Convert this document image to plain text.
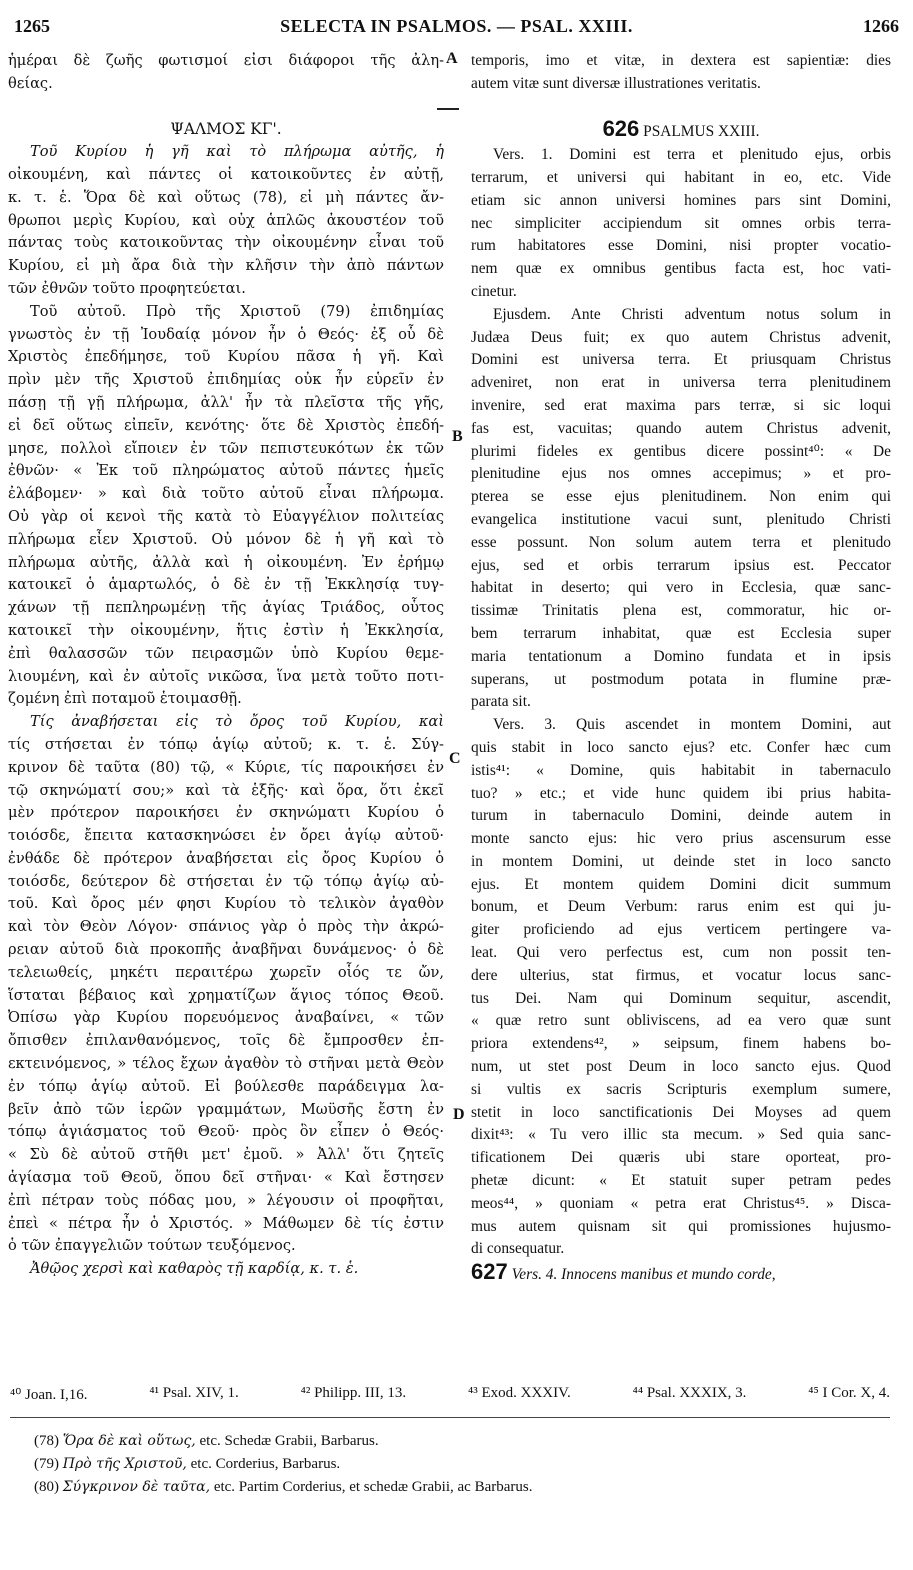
1265	SELECTA IN PSALMOS. — PSAL. XXIII.	1266
A
B
C
D
ἡμέραι δὲ ζωῆς φωτισμοί εἰσι διάφοροι τῆς ἀλη-
θείας.
ΨΑΛΜΟΣ ΚΓ'.
Τοῦ Κυρίου ἡ γῆ καὶ τὸ πλήρωμα αὐτῆς, ἡ
οἰκουμένη, καὶ πάντες οἱ κατοικοῦντες ἐν αὐτῇ,
κ. τ. ἑ. Ὅρα δὲ καὶ οὕτως (78), εἰ μὴ πάντες ἄν-
θρωποι μερὶς Κυρίου, καὶ οὐχ ἁπλῶς ἀκουστέον τοῦ
πάντας τοὺς κατοικοῦντας τὴν οἰκουμένην εἶναι τοῦ
Κυρίου, εἰ μὴ ἄρα διὰ τὴν κλῆσιν τὴν ἀπὸ πάντων
τῶν ἐθνῶν τοῦτο προφητεύεται.
Τοῦ αὐτοῦ. Πρὸ τῆς Χριστοῦ (79) ἐπιδημίας
γνωστὸς ἐν τῇ Ἰουδαίᾳ μόνον ἦν ὁ Θεός· ἐξ οὗ δὲ
Χριστὸς ἐπεδήμησε, τοῦ Κυρίου πᾶσα ἡ γῆ. Καὶ
πρὶν μὲν τῆς Χριστοῦ ἐπιδημίας οὐκ ἦν εὑρεῖν ἐν
πάσῃ τῇ γῇ πλήρωμα, ἀλλ' ἦν τὰ πλεῖστα τῆς γῆς,
εἰ δεῖ οὕτως εἰπεῖν, κενότης· ὅτε δὲ Χριστὸς ἐπεδή-
μησε, πολλοὶ εἴποιεν ἐν τῶν πεπιστευκότων ἐκ τῶν
ἐθνῶν· « Ἐκ τοῦ πληρώματος αὐτοῦ πάντες ἡμεῖς
ἐλάβομεν· » καὶ διὰ τοῦτο αὐτοῦ εἶναι πλήρωμα.
Οὐ γὰρ οἱ κενοὶ τῆς κατὰ τὸ Εὐαγγέλιον πολιτείας
πλήρωμα εἶεν Χριστοῦ. Οὐ μόνον δὲ ἡ γῆ καὶ τὸ
πλήρωμα αὐτῆς, ἀλλὰ καὶ ἡ οἰκουμένη. Ἐν ἐρήμῳ
κατοικεῖ ὁ ἁμαρτωλός, ὁ δὲ ἐν τῇ Ἐκκλησίᾳ τυγ-
χάνων τῇ πεπληρωμένῃ τῆς ἁγίας Τριάδος, οὗτος
κατοικεῖ τὴν οἰκουμένην, ἥτις ἐστὶν ἡ Ἐκκλησία,
ἐπὶ θαλασσῶν τῶν πειρασμῶν ὑπὸ Κυρίου θεμε-
λιουμένη, καὶ ἐν αὐτοῖς νικῶσα, ἵνα μετὰ τοῦτο ποτι-
ζομένη ἐπὶ ποταμοῦ ἑτοιμασθῇ.
Τίς ἀναβήσεται εἰς τὸ ὄρος τοῦ Κυρίου, καὶ
τίς στήσεται ἐν τόπῳ ἁγίῳ αὐτοῦ; κ. τ. ἑ. Σύγ-
κρινον δὲ ταῦτα (80) τῷ, « Κύριε, τίς παροικήσει ἐν
τῷ σκηνώματί σου;» καὶ τὰ ἑξῆς· καὶ ὅρα, ὅτι ἐκεῖ
μὲν πρότερον παροικήσει ἐν σκηνώματι Κυρίου ὁ
τοιόσδε, ἔπειτα κατασκηνώσει ἐν ὄρει ἁγίῳ αὐτοῦ·
ἐνθάδε δὲ πρότερον ἀναβήσεται εἰς ὄρος Κυρίου ὁ
τοιόσδε, δεύτερον δὲ στήσεται ἐν τῷ τόπῳ ἁγίῳ αὐ-
τοῦ. Καὶ ὄρος μέν φησι Κυρίου τὸ τελικὸν ἀγαθὸν
καὶ τὸν Θεὸν Λόγον· σπάνιος γὰρ ὁ πρὸς τὴν ἀκρώ-
ρειαν αὐτοῦ διὰ προκοπῆς ἀναβῆναι δυνάμενος· ὁ δὲ
τελειωθείς, μηκέτι περαιτέρω χωρεῖν οἷός τε ὤν,
ἵσταται βέβαιος καὶ χρηματίζων ἅγιος τόπος Θεοῦ.
Ὀπίσω γὰρ Κυρίου πορευόμενος ἀναβαίνει, « τῶν
ὄπισθεν ἐπιλανθανόμενος, τοῖς δὲ ἔμπροσθεν ἐπ-
εκτεινόμενος, » τέλος ἔχων ἀγαθὸν τὸ στῆναι μετὰ Θεὸν
ἐν τόπῳ ἁγίῳ αὐτοῦ. Εἰ βούλεσθε παράδειγμα λα-
βεῖν ἀπὸ τῶν ἱερῶν γραμμάτων, Μωϋσῆς ἔστη ἐν
τόπῳ ἁγιάσματος τοῦ Θεοῦ· πρὸς ὃν εἶπεν ὁ Θεός·
« Σὺ δὲ αὐτοῦ στῆθι μετ' ἐμοῦ. » Ἀλλ' ὅτι ζητεῖς
ἁγίασμα τοῦ Θεοῦ, ὅπου δεῖ στῆναι· « Καὶ ἔστησεν
ἐπὶ πέτραν τοὺς πόδας μου, » λέγουσιν οἱ προφῆται,
ἐπεὶ « πέτρα ἦν ὁ Χριστός. » Μάθωμεν δὲ τίς ἐστιν
ὁ τῶν ἐπαγγελιῶν τούτων τευξόμενος.
Ἀθῷος χερσὶ καὶ καθαρὸς τῇ καρδίᾳ, κ. τ. ἑ.
temporis, imo et vitæ, in dextera est sapientiæ: dies
autem vitæ sunt diversæ illustrationes veritatis.
626 PSALMUS XXIII.
Vers. 1. Domini est terra et plenitudo ejus, orbis
terrarum, et universi qui habitant in eo, etc. Vide
etiam sic annon universi homines pars sint Domini,
nec simpliciter accipiendum sit omnes orbis terra-
rum habitatores esse Domini, nisi propter vocatio-
nem quæ ex omnibus gentibus facta est, hoc vati-
cinetur.
Ejusdem. Ante Christi adventum notus solum in
Judæa Deus fuit; ex quo autem Christus advenit,
Domini est universa terra. Et priusquam Christus
adveniret, non erat in universa terra plenitudinem
invenire, sed erat maxima pars terræ, si sic loqui
fas est, vacuitas; quando autem Christus advenit,
plurimi fideles ex gentibus dicere possint⁴⁰: « De
plenitudine ejus nos omnes accepimus; » et pro-
pterea se esse ejus plenitudinem. Non enim qui
evangelica institutione vacui sunt, plenitudo Christi
esse possunt. Non solum autem terra et plenitudo
ejus, sed et orbis terrarum ipsius est. Peccator
habitat in deserto; qui vero in Ecclesia, quæ sanc-
tissimæ Trinitatis plena est, commoratur, hic or-
bem terrarum inhabitat, quæ est Ecclesia super
maria tentationum a Domino fundata et in ipsis
superans, ut postmodum potata in flumine præ-
parata sit.
Vers. 3. Quis ascendet in montem Domini, aut
quis stabit in loco sancto ejus? etc. Confer hæc cum
istis⁴¹: « Domine, quis habitabit in tabernaculo
tuo? » etc.; et vide hunc quidem ibi prius habita-
turum in tabernaculo Domini, deinde autem in
monte sancto ejus: hic vero prius ascensurum esse
in montem Domini, ut deinde stet in loco sancto
ejus. Et montem quidem Domini dicit summum
bonum, et Deum Verbum: rarus enim est qui ju-
giter proficiendo ad ejus verticem pertingere va-
leat. Qui vero perfectus est, cum non possit ten-
dere ulterius, stat firmus, et vocatur locus sanc-
tus Dei. Nam qui Dominum sequitur, ascendit,
« quæ retro sunt obliviscens, ad ea vero quæ sunt
priora extendens⁴², » seipsum, finem habens bo-
num, ut stet post Deum in loco sancto ejus. Quod
si vultis ex sacris Scripturis exemplum sumere,
stetit in loco sanctificationis Dei Moyses ad quem
dixit⁴³: « Tu vero illic sta mecum. » Sed quia sanc-
tificationem Dei quæris ubi stare oporteat, pro-
phetæ dicunt: « Et statuit super petram pedes
meos⁴⁴, » quoniam « petra erat Christus⁴⁵. » Disca-
mus autem quisnam sit qui promissiones hujusmo-
di consequatur.
627 Vers. 4. Innocens manibus et mundo corde,
⁴⁰ Joan. I,16.	⁴¹ Psal. XIV, 1.	⁴² Philipp. III, 13.	⁴³ Exod. XXXIV.	⁴⁴ Psal. XXXIX, 3.	⁴⁵ I Cor. X, 4.
(78) Ὅρα δὲ καὶ οὕτως, etc. Schedæ Grabii, Barbarus.
(79) Πρὸ τῆς Χριστοῦ, etc. Corderius, Barbarus.
(80) Σύγκρινον δὲ ταῦτα, etc. Partim Corderius, et schedæ Grabii, ac Barbarus.
